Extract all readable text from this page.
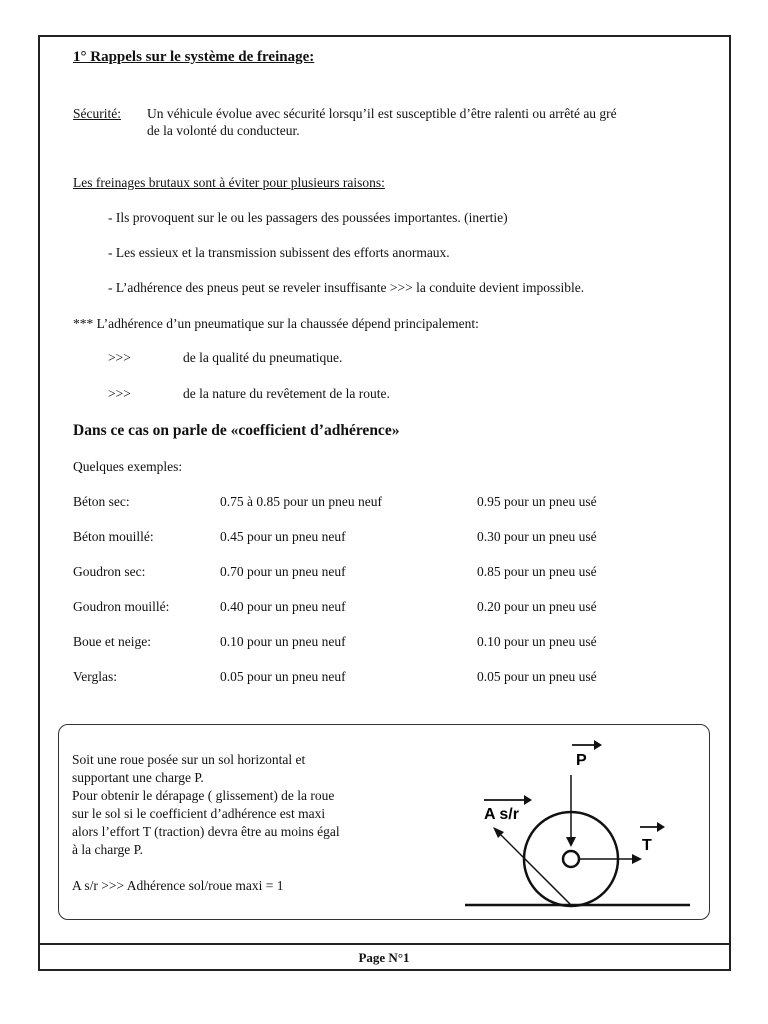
1° Rappels sur le système de freinage:
Sécurité: Un véhicule évolue avec sécurité lorsqu’il est susceptible d’être ralenti ou arrêté au gré
de la volonté du conducteur.
Les freinages brutaux sont à éviter pour plusieurs raisons:
- Ils provoquent sur le ou les passagers des poussées importantes. (inertie)
- Les essieux et la transmission subissent des efforts anormaux.
- L’adhérence des pneus peut se reveler insuffisante >>> la conduite devient impossible.
*** L’adhérence d’un pneumatique sur la chaussée dépend principalement:
>>>	de la qualité du pneumatique.
>>>	de la nature du revêtement de la route.
Dans ce cas on parle de «coefficient d’adhérence»
Quelques exemples:
Béton sec:	0.75 à 0.85 pour un pneu neuf	0.95 pour un pneu usé
Béton mouillé:	0.45 pour un pneu neuf	0.30 pour un pneu usé
Goudron sec:	0.70 pour un pneu neuf	0.85 pour un pneu usé
Goudron mouillé:	0.40 pour un pneu neuf	0.20 pour un pneu usé
Boue et neige:	0.10 pour un pneu neuf	0.10 pour un pneu usé
Verglas:	0.05 pour un pneu neuf	0.05 pour un pneu usé
Soit une roue posée sur un sol horizontal et
supportant une charge P.
Pour obtenir le dérapage ( glissement) de la roue
sur le sol si le coefficient d’adhérence est maxi
alors l’effort T (traction) devra être au moins égal
à la charge P.
A s/r >>> Adhérence sol/roue maxi = 1
P
A s/r
T
Page N°1
